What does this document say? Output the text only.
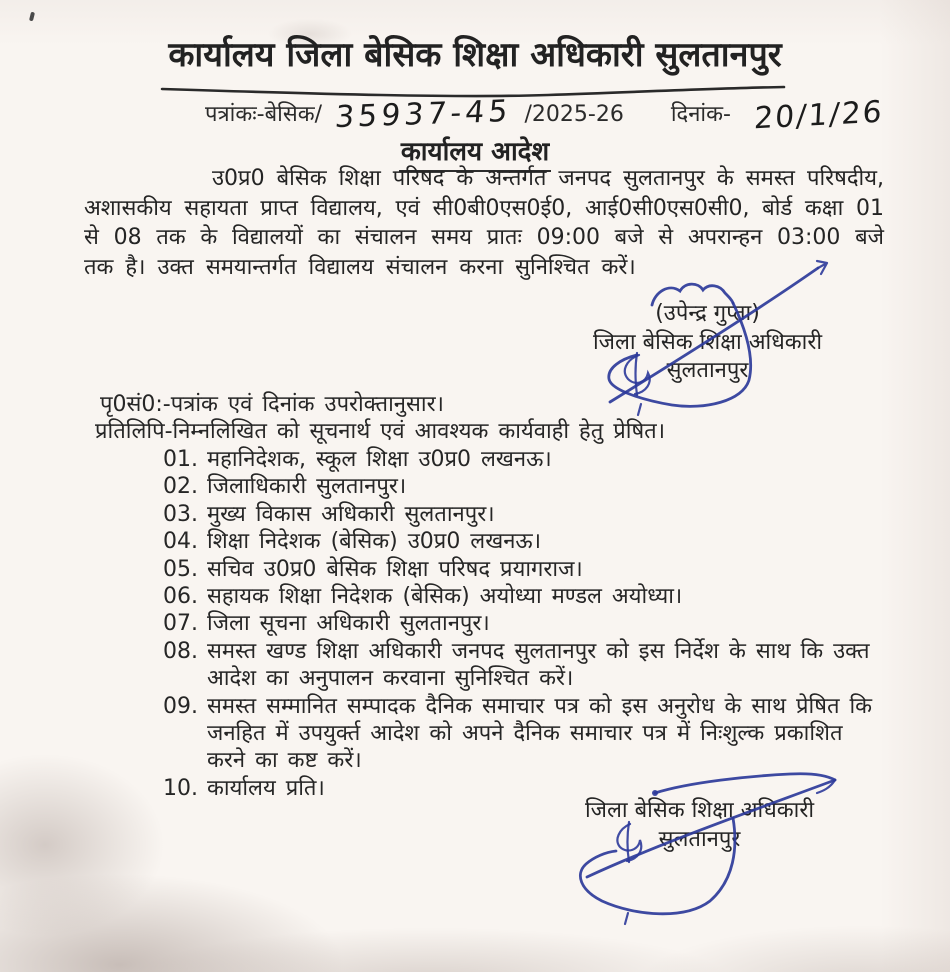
कार्यालय जिला बेसिक शिक्षा अधिकारी सुलतानपुर
पत्रांकः-बेसिक/ 35937-45 /2025-26 दिनांक- 20/1/26
कार्यालय आदेश

उ0प्र0 बेसिक शिक्षा परिषद के अन्तर्गत जनपद सुलतानपुर के समस्त परिषदीय, अशासकीय सहायता प्राप्त विद्यालय, एवं सी0बी0एस0ई0, आई0सी0एस0सी0, बोर्ड कक्षा 01 से 08 तक के विद्यालयों का संचालन समय प्रातः 09:00 बजे से अपरान्हन 03:00 बजे तक है। उक्त समयान्तर्गत विद्यालय संचालन करना सुनिश्चित करें।

(उपेन्द्र गुप्ता)
जिला बेसिक शिक्षा अधिकारी
सुलतानपुर
पृ0सं0:-पत्रांक एवं दिनांक उपरोक्तानुसार।
प्रतिलिपि-निम्नलिखित को सूचनार्थ एवं आवश्यक कार्यवाही हेतु प्रेषित।
01. महानिदेशक, स्कूल शिक्षा उ0प्र0 लखनऊ।
02. जिलाधिकारी सुलतानपुर।
03. मुख्य विकास अधिकारी सुलतानपुर।
04. शिक्षा निदेशक (बेसिक) उ0प्र0 लखनऊ।
05. सचिव उ0प्र0 बेसिक शिक्षा परिषद प्रयागराज।
06. सहायक शिक्षा निदेशक (बेसिक) अयोध्या मण्डल अयोध्या।
07. जिला सूचना अधिकारी सुलतानपुर।
08. समस्त खण्ड शिक्षा अधिकारी जनपद सुलतानपुर को इस निर्देश के साथ कि उक्त आदेश का अनुपालन करवाना सुनिश्चित करें।
09. समस्त सम्मानित सम्पादक दैनिक समाचार पत्र को इस अनुरोध के साथ प्रेषित कि जनहित में उपयुर्क्त आदेश को अपने दैनिक समाचार पत्र में निःशुल्क प्रकाशित करने का कष्ट करें।
10. कार्यालय प्रति।
जिला बेसिक शिक्षा अधिकारी
सुलतानपुर
